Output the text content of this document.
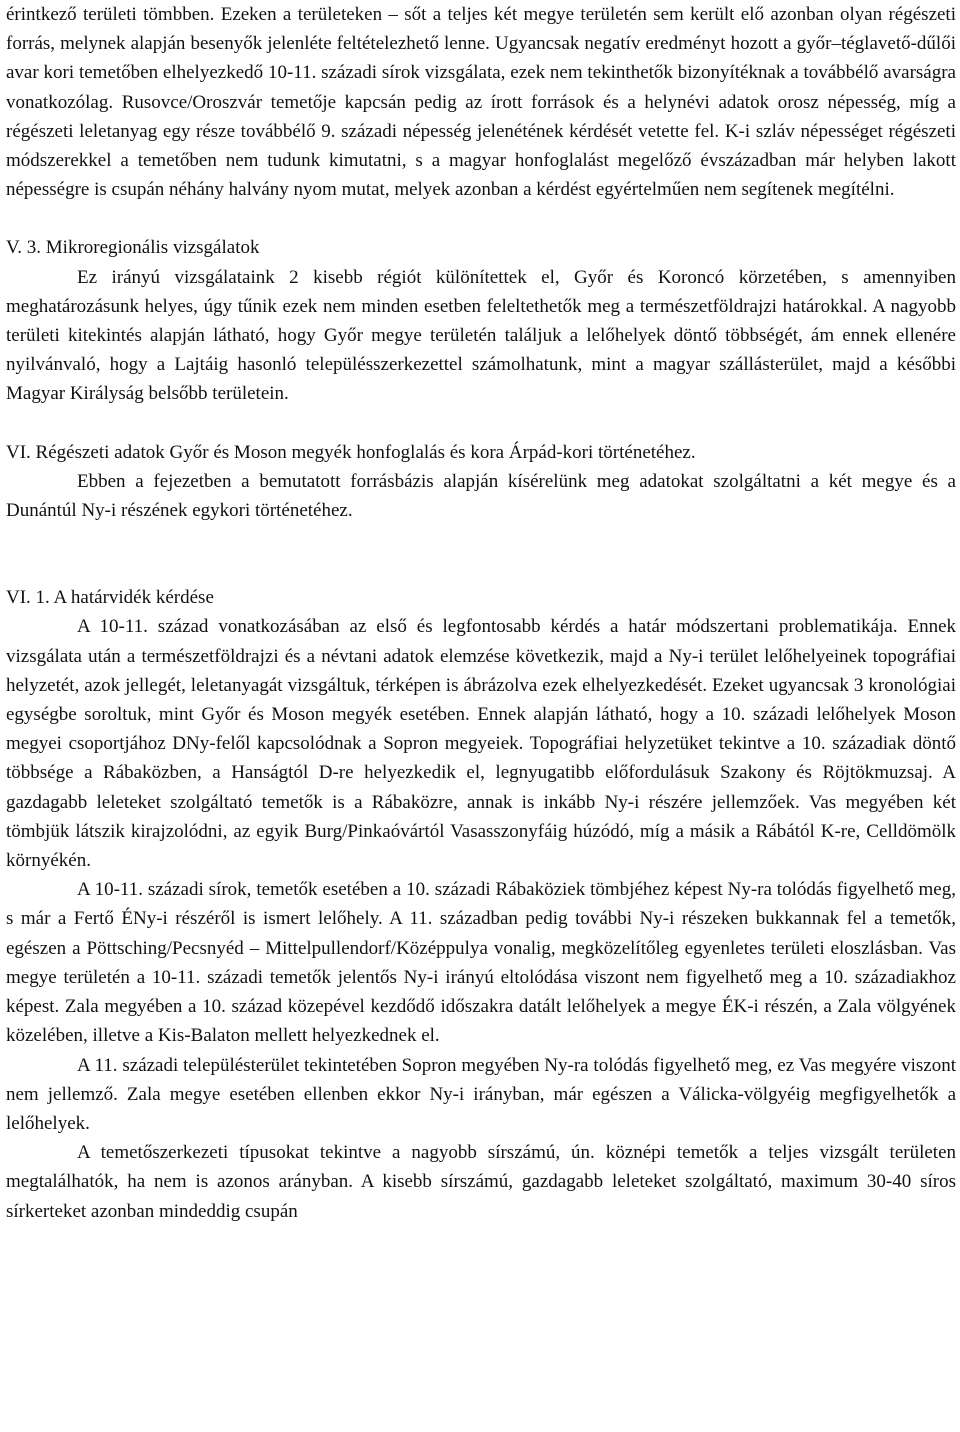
érintkező területi tömbben. Ezeken a területeken – sőt a teljes két megye területén sem került elő azonban olyan régészeti forrás, melynek alapján besenyők jelenléte feltételezhető lenne. Ugyancsak negatív eredményt hozott a győr–téglavető-dűlői avar kori temetőben elhelyezkedő 10-11. századi sírok vizsgálata, ezek nem tekinthetők bizonyítéknak a továbbélő avarságra vonatkozólag. Rusovce/Oroszvár temetője kapcsán pedig az írott források és a helynévi adatok orosz népesség, míg a régészeti leletanyag egy része továbbélő 9. századi népesség jelenétének kérdését vetette fel. K-i szláv népességet régészeti módszerekkel a temetőben nem tudunk kimutatni, s a magyar honfoglalást megelőző évszázadban már helyben lakott népességre is csupán néhány halvány nyom mutat, melyek azonban a kérdést egyértelműen nem segítenek megítélni.

V. 3. Mikroregionális vizsgálatok

Ez irányú vizsgálataink 2 kisebb régiót különítettek el, Győr és Koroncó körzetében, s amennyiben meghatározásunk helyes, úgy tűnik ezek nem minden esetben feleltethetők meg a természetföldrajzi határokkal. A nagyobb területi kitekintés alapján látható, hogy Győr megye területén találjuk a lelőhelyek döntő többségét, ám ennek ellenére nyilvánvaló, hogy a Lajtáig hasonló településszerkezettel számolhatunk, mint a magyar szállásterület, majd a későbbi Magyar Királyság belsőbb területein.

VI. Régészeti adatok Győr és Moson megyék honfoglalás és kora Árpád-kori történetéhez.

Ebben a fejezetben a bemutatott forrásbázis alapján kísérelünk meg adatokat szolgáltatni a két megye és a Dunántúl Ny-i részének egykori történetéhez.

VI. 1. A határvidék kérdése

A 10-11. század vonatkozásában az első és legfontosabb kérdés a határ módszertani problematikája. Ennek vizsgálata után a természetföldrajzi és a névtani adatok elemzése következik, majd a Ny-i terület lelőhelyeinek topográfiai helyzetét, azok jellegét, leletanyagát vizsgáltuk, térképen is ábrázolva ezek elhelyezkedését. Ezeket ugyancsak 3 kronológiai egységbe soroltuk, mint Győr és Moson megyék esetében. Ennek alapján látható, hogy a 10. századi lelőhelyek Moson megyei csoportjához DNy-felől kapcsolódnak a Sopron megyeiek. Topográfiai helyzetüket tekintve a 10. századiak döntő többsége a Rábaközben, a Hanságtól D-re helyezkedik el, legnyugatibb előfordulásuk Szakony és Röjtökmuzsaj. A gazdagabb leleteket szolgáltató temetők is a Rábaközre, annak is inkább Ny-i részére jellemzőek. Vas megyében két tömbjük látszik kirajzolódni, az egyik Burg/Pinkaóvártól Vasasszonyfáig húzódó, míg a másik a Rábától K-re, Celldömölk környékén.

A 10-11. századi sírok, temetők esetében a 10. századi Rábaköziek tömbjéhez képest Ny-ra tolódás figyelhető meg, s már a Fertő ÉNy-i részéről is ismert lelőhely. A 11. században pedig további Ny-i részeken bukkannak fel a temetők, egészen a Pöttsching/Pecsnyéd – Mittelpullendorf/Középpulya vonalig, megközelítőleg egyenletes területi eloszlásban. Vas megye területén a 10-11. századi temetők jelentős Ny-i irányú eltolódása viszont nem figyelhető meg a 10. századiakhoz képest. Zala megyében a 10. század közepével kezdődő időszakra datált lelőhelyek a megye ÉK-i részén, a Zala völgyének közelében, illetve a Kis-Balaton mellett helyezkednek el.

A 11. századi településterület tekintetében Sopron megyében Ny-ra tolódás figyelhető meg, ez Vas megyére viszont nem jellemző. Zala megye esetében ellenben ekkor Ny-i irányban, már egészen a Válicka-völgyéig megfigyelhetők a lelőhelyek.

A temetőszerkezeti típusokat tekintve a nagyobb sírszámú, ún. köznépi temetők a teljes vizsgált területen megtalálhatók, ha nem is azonos arányban. A kisebb sírszámú, gazdagabb leleteket szolgáltató, maximum 30-40 síros sírkerteket azonban mindeddig csupán
